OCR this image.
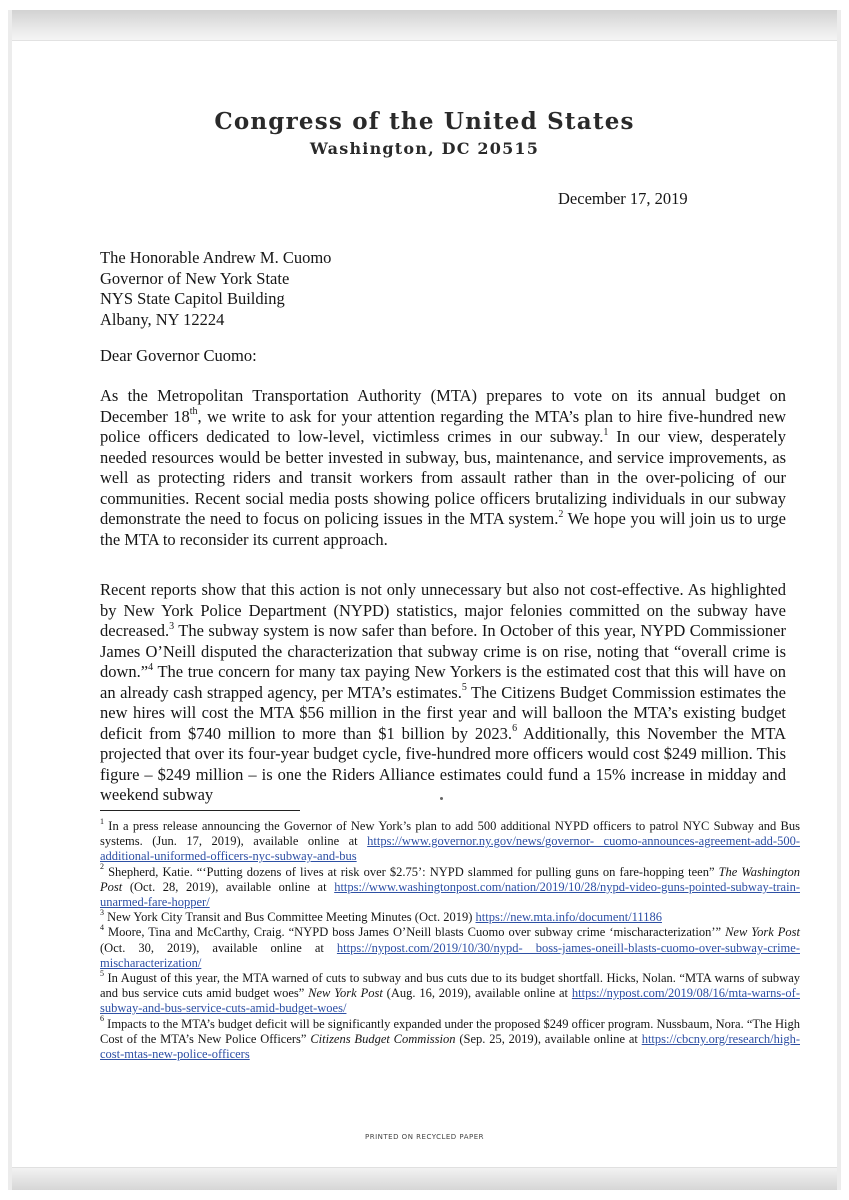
Congress of the United States
Washington, DC 20515
December 17, 2019
The Honorable Andrew M. Cuomo
Governor of New York State
NYS State Capitol Building
Albany, NY 12224
Dear Governor Cuomo:
As the Metropolitan Transportation Authority (MTA) prepares to vote on its annual budget on December 18th, we write to ask for your attention regarding the MTA’s plan to hire five-hundred new police officers dedicated to low-level, victimless crimes in our subway.$^1$ In our view, desperately needed resources would be better invested in subway, bus, maintenance, and service improvements, as well as protecting riders and transit workers from assault rather than in the over-policing of our communities. Recent social media posts showing police officers brutalizing individuals in our subway demonstrate the need to focus on policing issues in the MTA system.$^2$ We hope you will join us to urge the MTA to reconsider its current approach.
Recent reports show that this action is not only unnecessary but also not cost-effective. As highlighted by New York Police Department (NYPD) statistics, major felonies committed on the subway have decreased.$^3$ The subway system is now safer than before. In October of this year, NYPD Commissioner James O’Neill disputed the characterization that subway crime is on rise, noting that “overall crime is down.”$^4$ The true concern for many tax paying New Yorkers is the estimated cost that this will have on an already cash strapped agency, per MTA’s estimates.$^5$ The Citizens Budget Commission estimates the new hires will cost the MTA $56 million in the first year and will balloon the MTA’s existing budget deficit from $740 million to more than $1 billion by 2023.$^6$ Additionally, this November the MTA projected that over its four-year budget cycle, five-hundred more officers would cost $249 million. This figure – $249 million – is one the Riders Alliance estimates could fund a 15% increase in midday and weekend subway
$^1$ In a press release announcing the Governor of New York’s plan to add 500 additional NYPD officers to patrol NYC Subway and Bus systems. (Jun. 17, 2019), available online at https://www.governor.ny.gov/news/governor- cuomo-announces-agreement-add-500-additional-uniformed-officers-nyc-subway-and-bus
$^2$ Shepherd, Katie. “‘Putting dozens of lives at risk over $2.75’: NYPD slammed for pulling guns on fare-hopping teen” The Washington Post (Oct. 28, 2019), available online at https://www.washingtonpost.com/nation/2019/10/28/nypd-video-guns-pointed-subway-train-unarmed-fare-hopper/
$^3$ New York City Transit and Bus Committee Meeting Minutes (Oct. 2019) https://new.mta.info/document/11186
$^4$ Moore, Tina and McCarthy, Craig. “NYPD boss James O’Neill blasts Cuomo over subway crime ‘mischaracterization’” New York Post (Oct. 30, 2019), available online at https://nypost.com/2019/10/30/nypd- boss-james-oneill-blasts-cuomo-over-subway-crime-mischaracterization/
$^5$ In August of this year, the MTA warned of cuts to subway and bus cuts due to its budget shortfall. Hicks, Nolan. “MTA warns of subway and bus service cuts amid budget woes” New York Post (Aug. 16, 2019), available online at https://nypost.com/2019/08/16/mta-warns-of-subway-and-bus-service-cuts-amid-budget-woes/
$^6$ Impacts to the MTA’s budget deficit will be significantly expanded under the proposed $249 officer program. Nussbaum, Nora. “The High Cost of the MTA’s New Police Officers” Citizens Budget Commission (Sep. 25, 2019), available online at https://cbcny.org/research/high-cost-mtas-new-police-officers
PRINTED ON RECYCLED PAPER
